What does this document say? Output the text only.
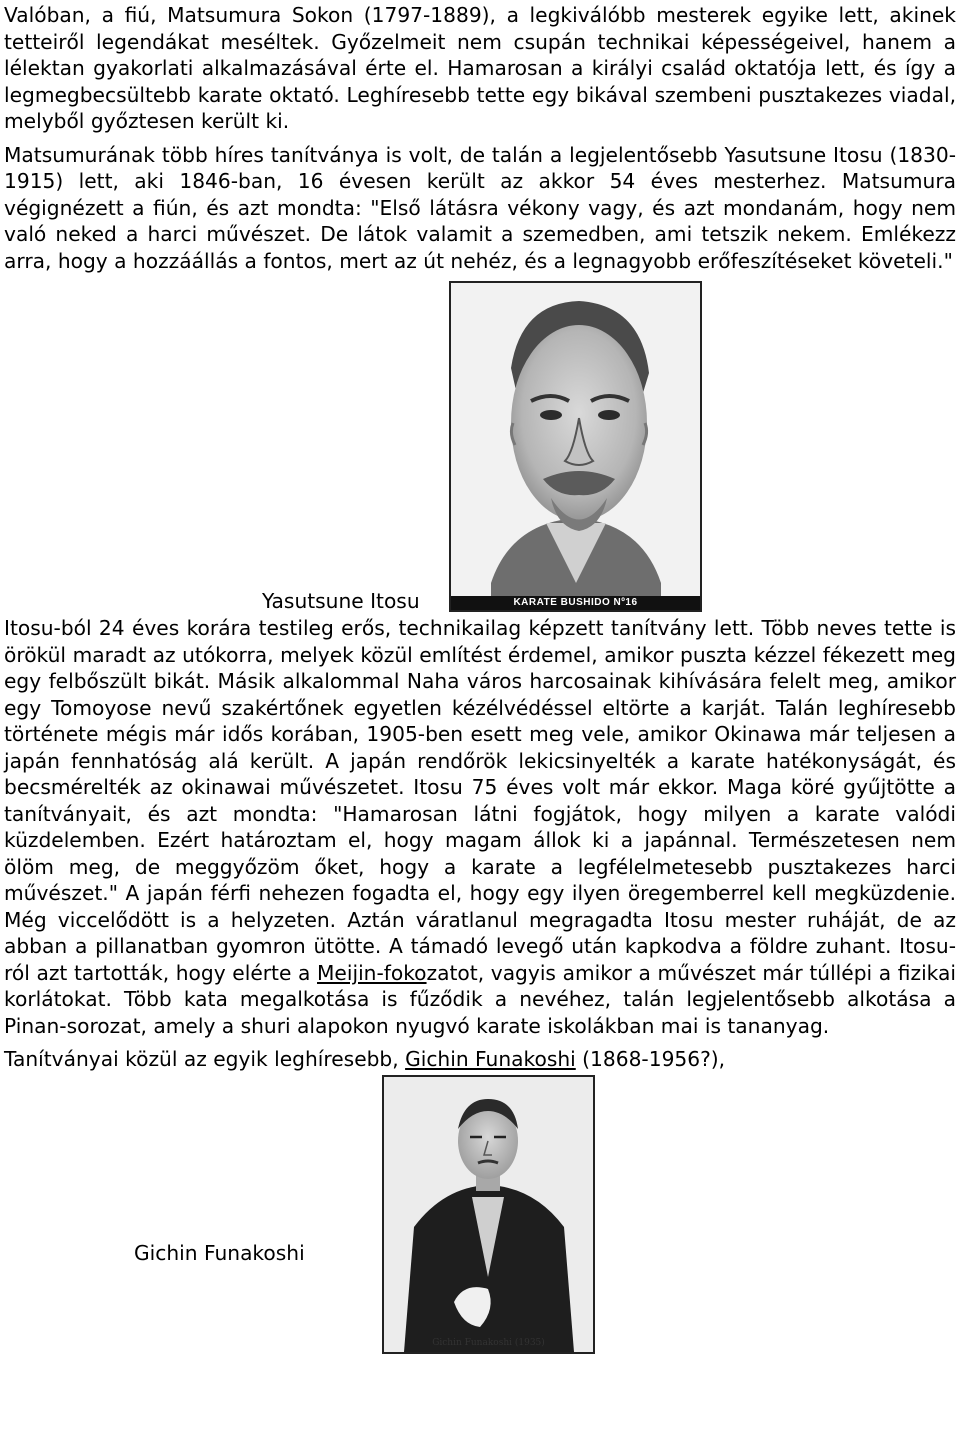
Valóban, a fiú, Matsumura Sokon (1797-1889), a legkiválóbb mesterek egyike lett, akinek tetteiről legendákat meséltek. Győzelmeit nem csupán technikai képességeivel, hanem a lélektan gyakorlati alkalmazásával érte el. Hamarosan a királyi család oktatója lett, és így a legmegbecsültebb karate oktató. Leghíresebb tette egy bikával szembeni pusztakezes viadal, melyből győztesen került ki.

Matsumurának több híres tanítványa is volt, de talán a legjelentősebb Yasutsune Itosu (1830-1915) lett, aki 1846-ban, 16 évesen került az akkor 54 éves mesterhez. Matsumura végignézett a fiún, és azt mondta: "Első látásra vékony vagy, és azt mondanám, hogy nem való neked a harci művészet. De látok valamit a szemedben, ami tetszik nekem. Emlékezz arra, hogy a hozzáállás a fontos, mert az út nehéz, és a legnagyobb erőfeszítéseket követeli."

Yasutsune Itosu	KARATE BUSHIDO Nº16

Itosu-ból 24 éves korára testileg erős, technikailag képzett tanítvány lett. Több neves tette is örökül maradt az utókorra, melyek közül említést érdemel, amikor puszta kézzel fékezett meg egy felbőszült bikát. Másik alkalommal Naha város harcosainak kihívására felelt meg, amikor egy Tomoyose nevű szakértőnek egyetlen kézélvédéssel eltörte a karját. Talán leghíresebb története mégis már idős korában, 1905-ben esett meg vele, amikor Okinawa már teljesen a japán fennhatóság alá került. A japán rendőrök lekicsinyelték a karate hatékonyságát, és becsmérelték az okinawai művészetet. Itosu 75 éves volt már ekkor. Maga köré gyűjtötte a tanítványait, és azt mondta: "Hamarosan látni fogjátok, hogy milyen a karate valódi küzdelemben. Ezért határoztam el, hogy magam állok ki a japánnal. Természetesen nem ölöm meg, de meggyőzöm őket, hogy a karate a legfélelmetesebb pusztakezes harci művészet." A japán férfi nehezen fogadta el, hogy egy ilyen öregemberrel kell megküzdenie. Még viccelődött is a helyzeten. Aztán váratlanul megragadta Itosu mester ruháját, de az abban a pillanatban gyomron ütötte. A támadó levegő után kapkodva a földre zuhant. Itosu-ról azt tartották, hogy elérte a Meijin-fokozatot, vagyis amikor a művészet már túllépi a fizikai korlátokat. Több kata megalkotása is fűződik a nevéhez, talán legjelentősebb alkotása a Pinan-sorozat, amely a shuri alapokon nyugvó karate iskolákban mai is tananyag.

Tanítványai közül az egyik leghíresebb, Gichin Funakoshi (1868-1956?),

Gichin Funakoshi
Gichin Funakoshi (1935)
